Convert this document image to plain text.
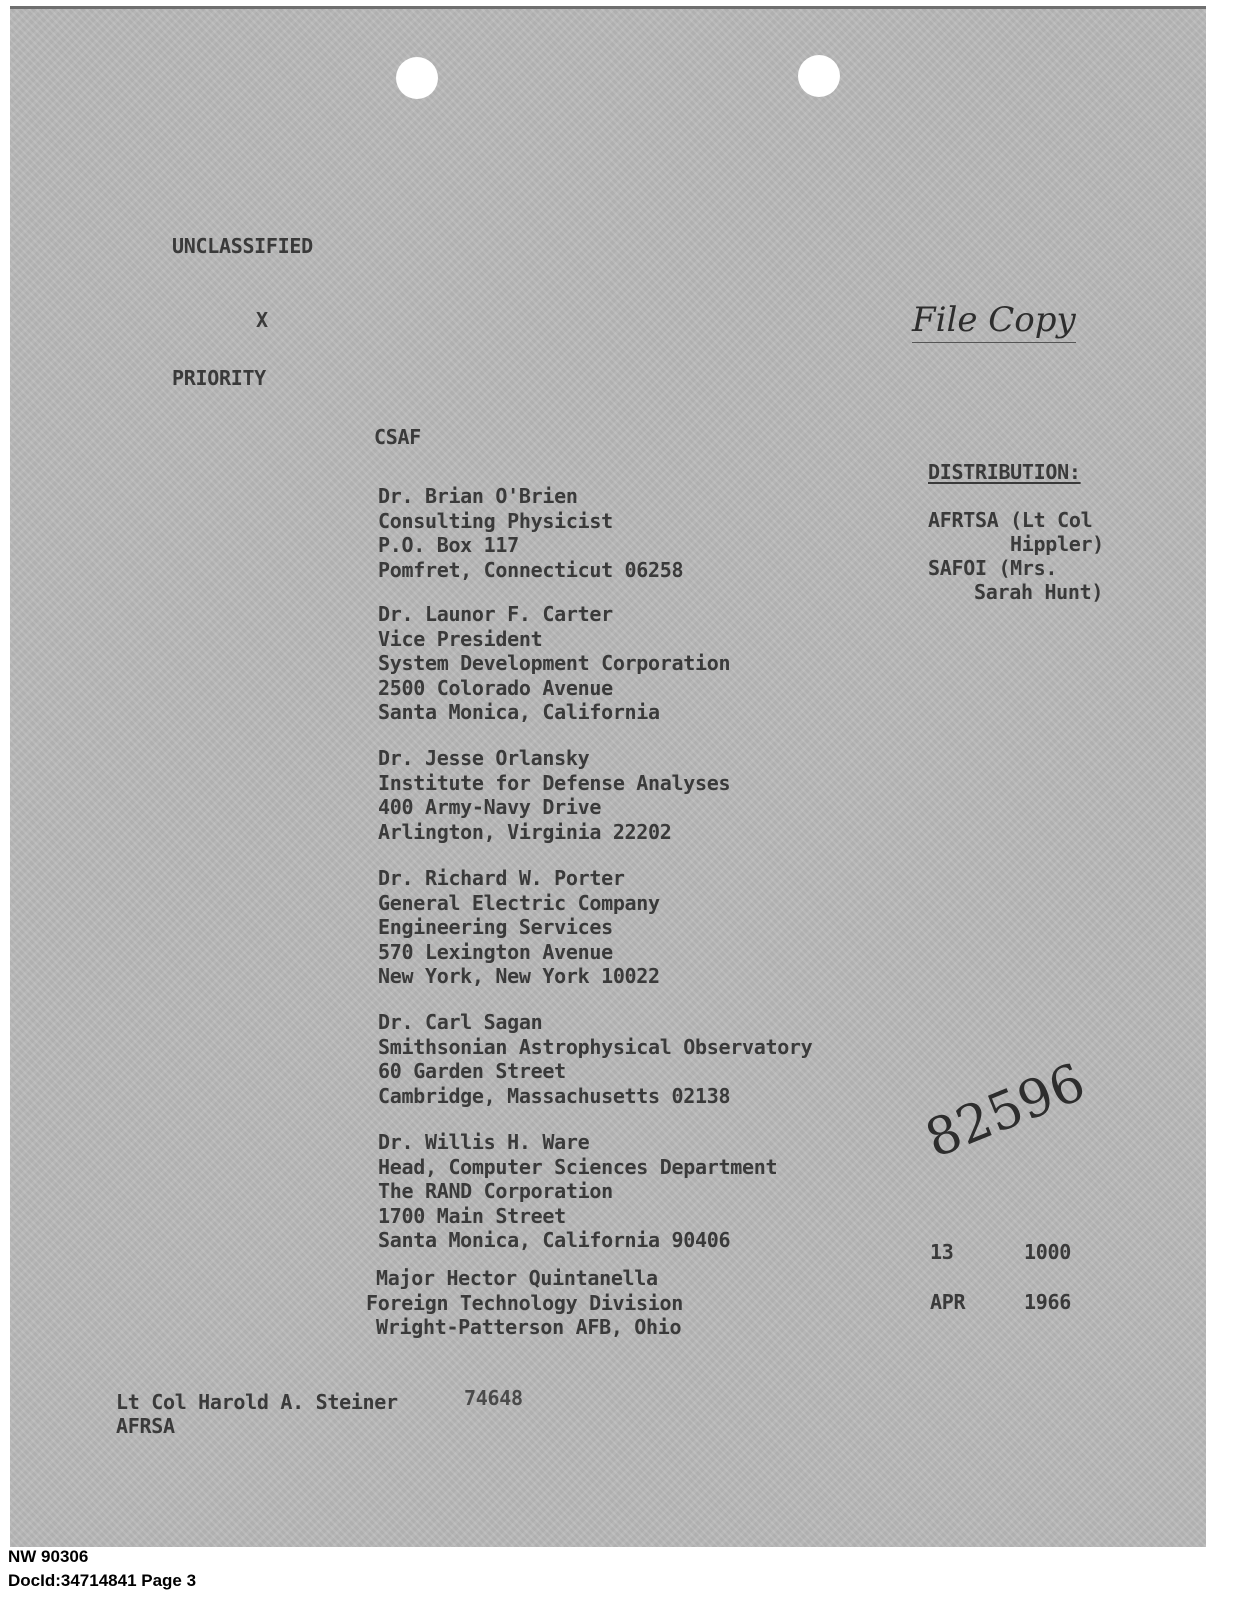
UNCLASSIFIED
X
PRIORITY
CSAF
File Copy
82596
DISTRIBUTION:
AFRTSA (Lt Col
Hippler)
SAFOI (Mrs.
Sarah Hunt)
Dr. Brian O'Brien
Consulting Physicist
P.O. Box 117
Pomfret, Connecticut 06258
Dr. Launor F. Carter
Vice President
System Development Corporation
2500 Colorado Avenue
Santa Monica, California
Dr. Jesse Orlansky
Institute for Defense Analyses
400 Army-Navy Drive
Arlington, Virginia 22202
Dr. Richard W. Porter
General Electric Company
Engineering Services
570 Lexington Avenue
New York, New York 10022
Dr. Carl Sagan
Smithsonian Astrophysical Observatory
60 Garden Street
Cambridge, Massachusetts 02138
Dr. Willis H. Ware
Head, Computer Sciences Department
The RAND Corporation
1700 Main Street
Santa Monica, California 90406
Major Hector Quintanella
Foreign Technology Division
Wright-Patterson AFB, Ohio
13	1000
APR	1966
Lt Col Harold A. Steiner	74648
AFRSA
NW 90306
DocId:34714841 Page 3
